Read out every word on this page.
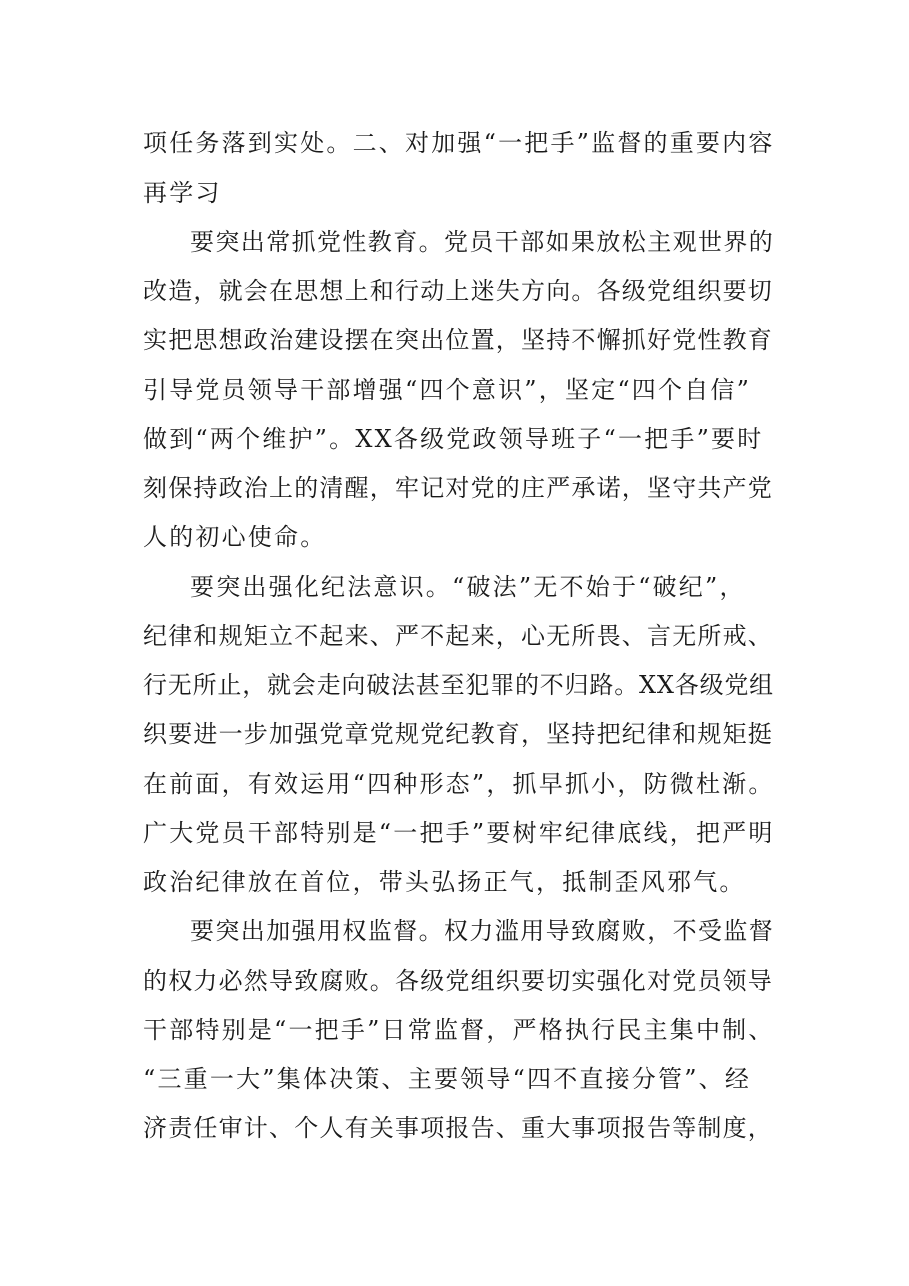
项任务落到实处。二、对加强“一把手”监督的重要内容
再学习
要突出常抓党性教育。党员干部如果放松主观世界的
改造，就会在思想上和行动上迷失方向。各级党组织要切
实把思想政治建设摆在突出位置，坚持不懈抓好党性教育
引导党员领导干部增强“四个意识”，坚定“四个自信”
做到“两个维护”。XX各级党政领导班子“一把手”要时
刻保持政治上的清醒，牢记对党的庄严承诺，坚守共产党
人的初心使命。
要突出强化纪法意识。“破法”无不始于“破纪”，
纪律和规矩立不起来、严不起来，心无所畏、言无所戒、
行无所止，就会走向破法甚至犯罪的不归路。XX各级党组
织要进一步加强党章党规党纪教育，坚持把纪律和规矩挺
在前面，有效运用“四种形态”，抓早抓小，防微杜渐。
广大党员干部特别是“一把手”要树牢纪律底线，把严明
政治纪律放在首位，带头弘扬正气，抵制歪风邪气。
要突出加强用权监督。权力滥用导致腐败，不受监督
的权力必然导致腐败。各级党组织要切实强化对党员领导
干部特别是“一把手”日常监督，严格执行民主集中制、
“三重一大”集体决策、主要领导“四不直接分管”、经
济责任审计、个人有关事项报告、重大事项报告等制度，
